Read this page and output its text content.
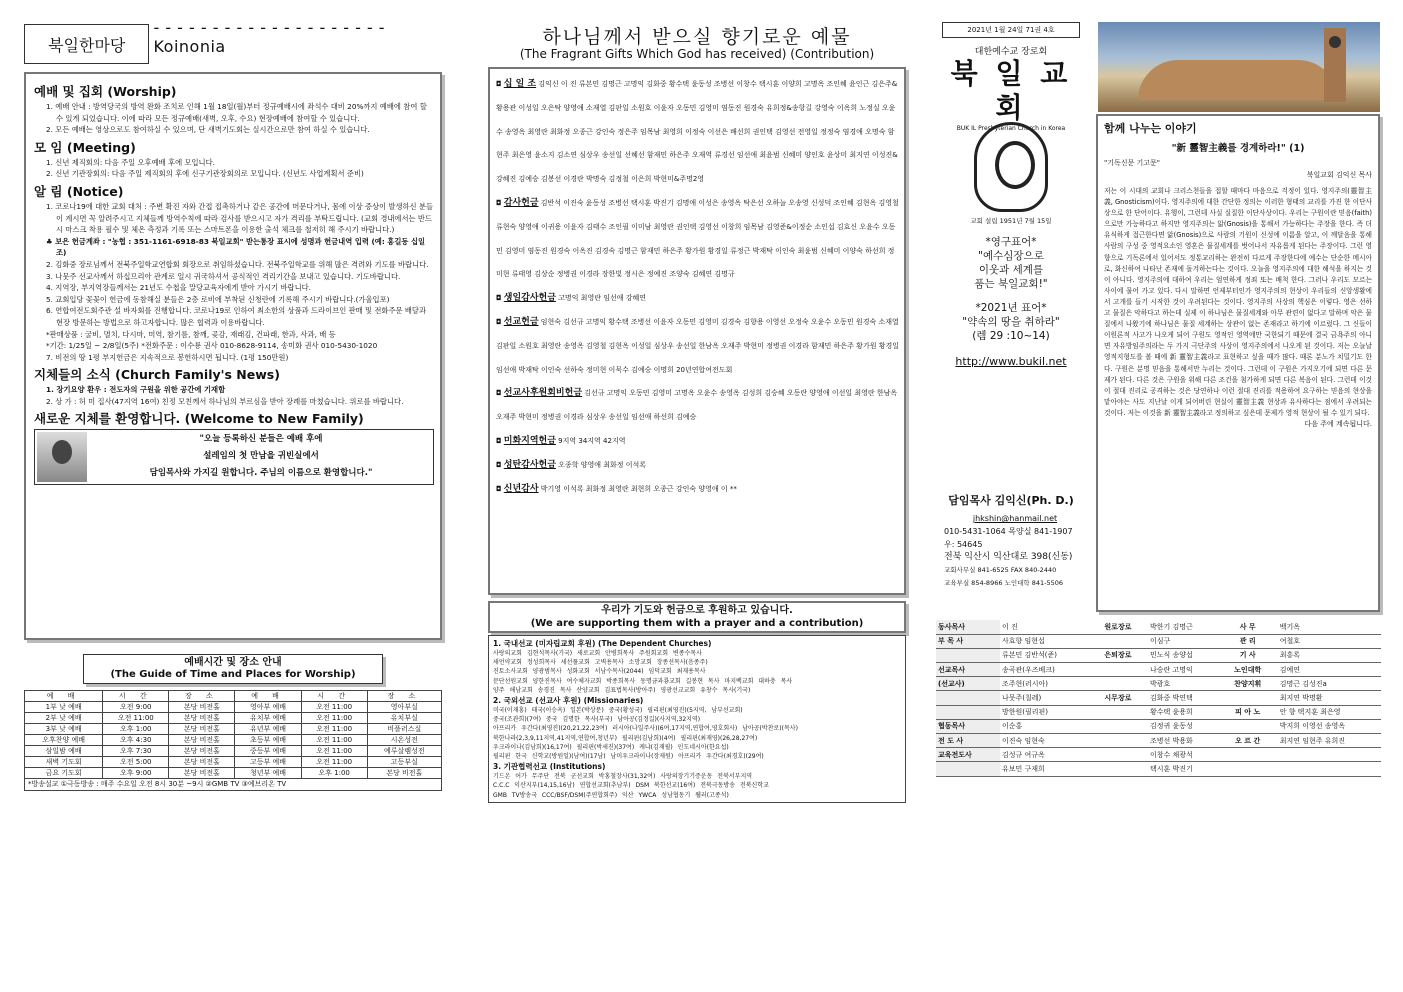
북일한마당
- - - - - - - - - - - - - - - - - - - -Koinonia
예배 및 집회 (Worship)
1. 예배 안내 : 방역당국의 방역 완화 조치로 인해 1월 18일(월)부터 정규예배시에 좌석수 대비 20%까지 예배에 참여 할 수 있게 되었습니다. 이에 따라 모든 정규예배(새벽, 오후, 수요) 현장예배에 참여할 수 있습니다.
2. 모든 예배는 영상으로도 참여하실 수 있으며, 단 새벽기도회는 실시간으로만 참여 하실 수 있습니다.
모 임 (Meeting)
1. 신년 제직회의: 다음 주일 오후예배 후에 모입니다.
2. 신년 기관장회의: 다음 주일 제직회의 후에 신구기관장회의로 모입니다. (신년도 사업계획서 준비)
알 림 (Notice)
1. 코로나19에 대한 교회 대처 : 주변 확진 자와 간접 접촉하거나 같은 공간에 머문다거나, 몸에 이상 증상이 발생하신 분들이 계시면 꼭 알려주시고 지체들께 방역수칙에 따라 검사를 받으시고 자가 격리를 부탁드립니다. (교회 경내에서는 반드시 마스크 착용 필수 및 체온 측정과 기록 또는 스마트폰을 이용한 출석 체크를 철저히 해 주시기 바랍니다.)
♣ 보은 헌금계좌 : "농협 : 351-1161-6918-83 북일교회" 받는통장 표시에 성명과 헌금내역 입력 (예: 홍길동 십일조)
2. 김화중 장로님께서 전북주일학교연합회 회장으로 취임하셨습니다. 전북주일학교를 위해 많은 격려와 기도를 바랍니다.
3. 나뭇주 선교사께서 하십므리아 관계로 일시 귀국하셔서 공식적인 격리기간을 보내고 있습니다. 기도바랍니다.
4. 지역장, 부지역장들께서는 21년도 수첩을 말당교육자에게 받아 가시기 바랍니다.
5. 교회입당 꽃꽂이 헌금에 동참해실 분들은 2층 로비에 부착된 신청란에 기록해 주시기 바랍니다.(가울입포)
6. 연합여전도회주관 설 바자회를 진행합니다. 코로나19로 인하여 최소한의 상품과 드라이브인 판매 및 전화주문 배달과 현장 방문하는 방법으로 하고자합니다. 많은 협력과 이용바랍니다.
*판매상품 : 굴비, 멸치, 다시마, 미역, 참기름, 참깨, 곶감, 재래김, 건파래, 한과, 사과, 배 등
*기간: 1/25일 ~ 2/8일(5주) *전화주문 : 이수룡 권사 010-8628-9114, 송미화 권사 010-5430-1020
7. 비전의 땅 1평 부지헌금은 지속적으로 봉헌하시면 됩니다. (1평 150만원)
지체들의 소식 (Church Family's News)
1. 장기요양 환우 : 전도자의 구원을 위한 공간에 기재함
2. 상 가 : 허 미 집사(47지역 16여) 친정 모친께서 하나님의 부르심을 받아 장례를 마쳤습니다. 위로를 바랍니다.
새로운 지체를 환영합니다. (Welcome to New Family)
"오늘 등록하신 분들은 예배 후에
설레임의 첫 만남을 귀빈실에서
담임목사와 가지길 원합니다. 주님의 이름으로 환영합니다."
예배시간 및 장소 안내
(The Guide of Time and Places for Worship)
예 배	시 간	장 소	예 배	시 간	장 소
1부 낮 예배	오전 9:00	본당 비전홀	영아부 예배	오전 11:00	영아부실
2부 낮 예배	오전 11:00	본당 비전홀	유치부 예배	오전 11:00	유치부실
3부 낮 예배	오후 1:00	본당 비전홀	유년부 예배	오전 11:00	비플러스실
오후찬양 예배	오후 4:30	본당 비전홀	초등부 예배	오전 11:00	시온성전
삼일밤 예배	오후 7:30	본당 비전홀	중등부 예배	오전 11:00	예루살렘성전
새벽 기도회	오전 5:00	본당 비전홀	고등부 예배	오전 11:00	고등부실
금요 기도회	오후 9:00	본당 비전홀	청년부 예배	오후 1:00	본당 비전홀
*방송설교 ①극동방송 : 매주 수요일 오전 8시 30분 ~9시 ②GMB TV ③예브리온 TV
하나님께서 받으실 향기로운 예물
(The Fragrant Gifts Which God has received) (Contribution)

◘ 십 일 조 김익신 이 진 류본민 김명근 고명익 김화중 황수택 윤동성 조병선 이창수 택시훈 이양희 고명옥 조인혜 윤인근 김은주&황용관 이성일 오은탁 양영애 소재열 김판일 소원호 이윤자 오동민 김영미 염동진 원경숙 유희정&송항길 강영숙 이옥희 노정실 오윤수 송영옥 최영란 최화정 오종근 강인숙 정은주 임목남 최영희 이정숙 이선은 배선희 권인택 김영선 전영일 정정숙 염경애 오명숙 함현주 최은영 윤소지 김소연 심상우 송선일 선혜선 함재민 하은주 오재역 류경선 임선애 최윤범 신혜미 양인호 윤상미 최지연 이성진&강혜진 김예승 김봉선 이경란 박명숙 김정철 이은희 박현미&주명2영

◘ 감사헌금 김반석 이진숙 윤동성 조병선 택시훈 박진기 김명애 이성은 송영옥 탁은선 오하늘 오송영 신성덕 조인혜 김현옥 김영철 류현숙 양영애 이귀용 이윤자 김태수 조인필 이미남 최영란 권인택 김영선 이창희 임목남 김영준&이정순 소인섭 김효신 오윤수 오동민 김영미 염동진 원경숙 이옥진 김경숙 김명근 함재민 하은주 황가원 황경일 류정근 박재탁 이인숙 최윤범 신혜미 이양숙 하선희 정미현 류태영 김상순 정병권 이경라 장한빛 정시은 정예진 조양숙 김혜연 김명규

◘ 생일감사헌금 고명익 최영란 임선애 강혜연

◘ 선교헌금 임현숙 김선규 고명익 황수택 조병선 이윤자 오동민 김영미 김경숙 김향용 이영선 오정숙 오윤수 오동민 원경숙 소재열 김판일 소원호 최영란 송영옥 김영철 김현옥 이성일 심상우 송선일 한남옥 오재주 박현미 정병권 이경라 함재민 하은주 황가원 황경일 임선애 박재탁 이인숙 선하숙 정미현 이묵수 김예승 이명희 20년연합여전도회

◘ 선교사후원회비헌금 김선규 고명익 오동민 김영미 고명옥 오윤수 송영옥 김성희 김승혜 오동란 양영애 이선일 최영란 한남옥 오재주 박현미 정병권 이경라 심상우 송선일 임선애 하선희 김예승

◘ 미화지역헌금 9지역 34지역 42지역

◘ 성탄감사헌금 오종학 양영애 최화정 이석록

◘ 신년감사 박기영 이석록 최화정 최영란 최현희 오종근 강인숙 양영애 이 **

우리가 기도와 헌금으로 후원하고 있습니다.
(We are supporting them with a prayer and a contribution)
1. 국내선교 (미자립교회 후원) (The Dependent Churches)
사랑의교회 김현석목사(기국) 새로교회 안병희목사 주원회교회 변종수목사
새언약교회 정성희목사 세선풀교회 고벽용목사 소망교회 장종선목사(음종주)
진토소사교회 양광범목사 성화교회 서남수목사(2044) 임덕교회 최재용목사
문단선원교회 양한진목사 여수체자교회 박종희목사 동명금과룡교회 길봉현 목사 마지백교회 대하충 목사
양주 해남교회 송경진 목사 산양교회 김표법목사(방아주) 영광선교교회 유창수 목사(기국)
2. 국외선교 (선교사 후원) (Missionaries)
미국(이재홍) 태국(이승옥) 일본(박상문) 중국(황성국) 필리핀(최영진)(5지역, 남부선교회)
중국(조관희)(7여) 중국 김명한 목사(부국) 남아공(김정길)(사지역,32지역)
아프리카 우간다(최영진)(20,21,22,23여) 러시아(나일주사)(6여,17지역,연합여,영호회사) 남아공(박찬로)(목사)
북한나라(2,3,9,11지역,41지역,연합여,청년부) 필리핀(김남희)(4여) 필리핀(최재영)(26,28,27여)
우크라이나(김남희)(16,17여) 필리핀(박세진)(37여) 케냐(김재필) 인도네시아(한요섭)
필리핀 한국 신학교(방원일)(남여)(17남) 남미우크라이나(장제원) 아프리카 우간다(최경호)(29여)
3. 기관협력선교 (Institutions)
기드온 어가 무주단 전북 군선교회 박홍철장사(31,32여) 사랑의장기기증운동 전북서부지역
C.C.C 익산지부(14,15,16남) 연합선교회(추남부) DSM 북한선교(16여) 전북극동방송 전북신학교
GMB TV방송국 CCC/BSF/DSM(주연합회주) 익산 YWCA 성남협동기 웰러(고종석)
2021년 1월 24일 71권 4호
대한예수교 장로회
북 일 교 회
BUK IL Presbyterian Church in Korea
교회 설립 1951년 7월 15일
*영구표어*
"예수심장으로
이웃과 세계를
품는 북일교회!"
*2021년 표어*
"약속의 땅을 취하라"
(렘 29 :10~14)
http://www.bukil.net
담임목사 김익신(Ph. D.)
jhkshin@hanmail.net
010-5431-1064 목양실 841-1907
우: 54645
전북 익산시 익산대로 398(신동)
교회사무실 841-6525 FAX 840-2440
교육부실 854-8966 노인대학 841-5506
함께 나누는 이야기
"新 靈智主義를 경계하라!" (1)
"기독신문 기고문"
북일교회 김익신 목사
저는 이 시대의 교회나 크리스천들을 접할 때마다 마음으로 걱정이 있다. 영지주의(靈智主義, Gnosticism)이다. 영지주의에 대한 간단한 정의는 이러한 형태의 교리를 가진 한 이단사상으로 한 단어이다. 유행이, 그런데 사실 실질한 이단사상이다. 우리는 구원이란 믿음(faith)으로만 가능하다고 하지만 영지주의는 앎(Gnosis)을 통해서 가능하다는 주장을 한다. 즉 더 유식하게 접근한다면 앎(Gnosis)으로 사람의 기원이 신성에 이름을 알고, 이 깨달음을 통해 사람의 구성 중 영적요소인 영혼은 물질세계를 벗어나서 자유롭게 된다는 주장이다. 그런 영향으로 기독론에서 있어서도 정통교리하는 완전히 다르게 주장한다에 예수는 단순한 메시아로, 화신하여 나타난 존재에 돌겨하는다는 것이다. 오늘을 영지주의에 대한 해석을 하지는 것이 아니다. 영지주의에 대하여 우리는 엄연하게 정죄 또는 배척 한다. 그러나 우리도 모르는 사이에 물어 가고 있다. 다시 말하면 언제부터인가 영지주의의 현상이 우리들의 신앙생활에서 고개를 들기 시작한 것이 우려된다는 것이다. 영지주의 사상의 핵심은 이렇다. 영은 선하고 물질은 악하다고 하는데 실제 이 하나님은 물질세계와 아무 관련이 없다고 말하며 악은 물질에서 나왔기에 하나님은 물질 세계하는 상관이 없는 존재라고 하기에 이르렀다. 그 신들이 이원론적 사고가 나오게 되어 구원도 영적인 영역에만 국한되기 때문에 결국 금욕주의 아니면 자유방임주의라는 두 가지 극단주의 사상이 영지주의에서 나오게 된 것이다. 저는 오늘날 영적지형도를 볼 때에 新 靈智主義라고 표현하고 싶을 때가 많다. 때론 분노가 치밀기도 한다. 구원은 분명 믿음을 통해서만 누리는 것이다. 그런데 이 구원은 가지오기에 되면 다른 문제가 된다. 다른 것은 구원을 위해 다른 조건을 첨가하게 되면 다른 복음이 된다. 그런데 이것이 절대 진리로 공격하는 것은 당연하나 이런 절대 진리를 적용하여 요구하는 믿음의 현상을 맡아야는 사도 지난날 이게 되어버린 현실이 靈智主義 현상과 유사하다는 점에서 우려되는 것이다. 저는 이것을 新 靈智主義라고 정의하고 싶은데 문제가 영적 현상이 될 수 있기 되다.
다음 주에 계속됩니다.
동사목사	이 진	원로장로	박한기 김명근	사 무	백기옥
부 목 사	사효향 임현섭		이심구	관 리	여철호
	류본민 김반석(준)	은퇴장로	민노식 송양섭	기 사	최흥록
선교목사	송곡관(우즈베크)		나승란 고명익	노인대학	김예연
(선교사)	조주현(러시아)		박광호	찬양지휘	김명근 김성진a
	나뭇주(칠레)	시무장로	김화중 박연택		최지연 박명환
	방한원(필리핀)		황수택 윤용희	피 아 노	안 향 택지훈 최은영
협동목사	이순홍		김정귀 윤동성		박지희 이영선 송영옥
전 도 사	이진숙 임현숙		조병선 박용화	오 르 간	최지연 임현주 유희진
교육전도사	김성규 여규옥		이창수 채광석		
	유보민 구재희		택시훈 박진기		
